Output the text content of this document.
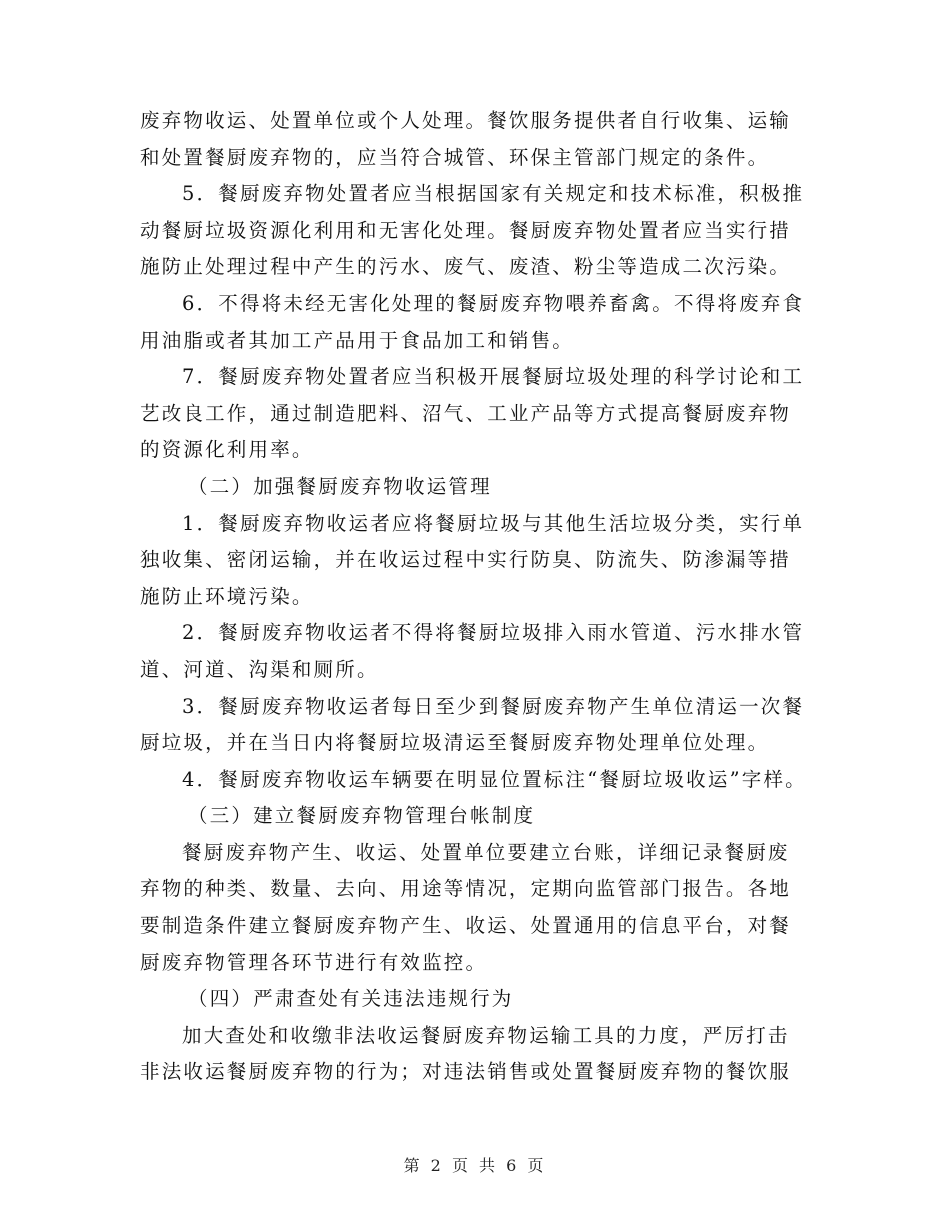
废弃物收运、处置单位或个人处理。餐饮服务提供者自行收集、运输
和处置餐厨废弃物的，应当符合城管、环保主管部门规定的条件。
5．餐厨废弃物处置者应当根据国家有关规定和技术标准，积极推
动餐厨垃圾资源化利用和无害化处理。餐厨废弃物处置者应当实行措
施防止处理过程中产生的污水、废气、废渣、粉尘等造成二次污染。
6．不得将未经无害化处理的餐厨废弃物喂养畜禽。不得将废弃食
用油脂或者其加工产品用于食品加工和销售。
7．餐厨废弃物处置者应当积极开展餐厨垃圾处理的科学讨论和工
艺改良工作，通过制造肥料、沼气、工业产品等方式提高餐厨废弃物
的资源化利用率。
（二）加强餐厨废弃物收运管理
1．餐厨废弃物收运者应将餐厨垃圾与其他生活垃圾分类，实行单
独收集、密闭运输，并在收运过程中实行防臭、防流失、防渗漏等措
施防止环境污染。
2．餐厨废弃物收运者不得将餐厨垃圾排入雨水管道、污水排水管
道、河道、沟渠和厕所。
3．餐厨废弃物收运者每日至少到餐厨废弃物产生单位清运一次餐
厨垃圾，并在当日内将餐厨垃圾清运至餐厨废弃物处理单位处理。
4．餐厨废弃物收运车辆要在明显位置标注“餐厨垃圾收运”字样。
（三）建立餐厨废弃物管理台帐制度
餐厨废弃物产生、收运、处置单位要建立台账，详细记录餐厨废
弃物的种类、数量、去向、用途等情况，定期向监管部门报告。各地
要制造条件建立餐厨废弃物产生、收运、处置通用的信息平台，对餐
厨废弃物管理各环节进行有效监控。
（四）严肃查处有关违法违规行为
加大查处和收缴非法收运餐厨废弃物运输工具的力度，严厉打击
非法收运餐厨废弃物的行为；对违法销售或处置餐厨废弃物的餐饮服
第 2 页 共 6 页
